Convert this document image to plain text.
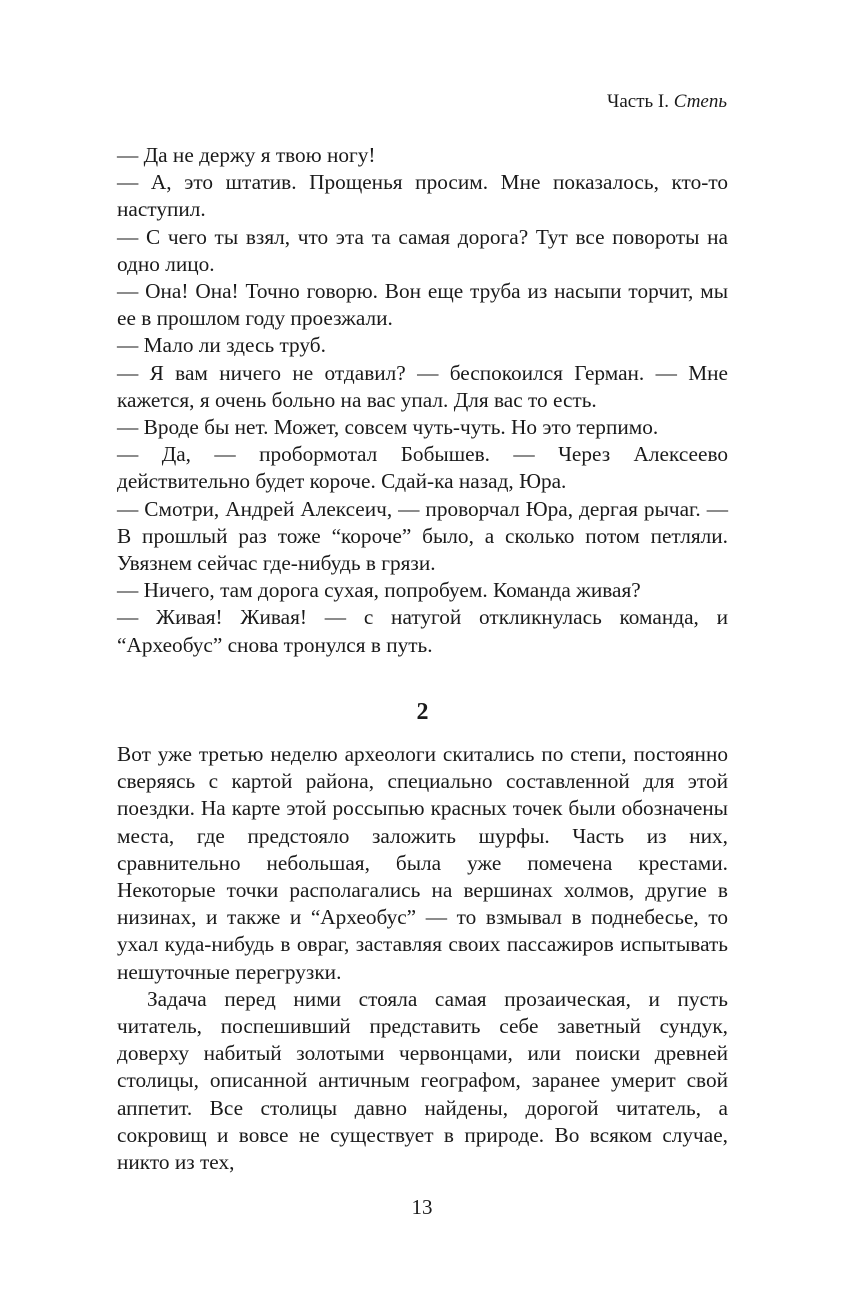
Часть I. Степь

— Да не держу я твою ногу!

— А, это штатив. Прощенья просим. Мне показалось, кто-то наступил.

— С чего ты взял, что эта та самая дорога? Тут все повороты на одно лицо.

— Она! Она! Точно говорю. Вон еще труба из насыпи торчит, мы ее в прошлом году проезжали.

— Мало ли здесь труб.

— Я вам ничего не отдавил? — беспокоился Герман. — Мне кажется, я очень больно на вас упал. Для вас то есть.

— Вроде бы нет. Может, совсем чуть-чуть. Но это терпимо.

— Да, — пробормотал Бобышев. — Через Алексеево действительно будет короче. Сдай-ка назад, Юра.

— Смотри, Андрей Алексеич, — проворчал Юра, дергая рычаг. — В прошлый раз тоже “короче” было, а сколько потом петляли. Увязнем сейчас где-нибудь в грязи.

— Ничего, там дорога сухая, попробуем. Команда живая?

— Живая! Живая! — с натугой откликнулась команда, и “Археобус” снова тронулся в путь.

2

Вот уже третью неделю археологи скитались по степи, постоянно сверяясь с картой района, специально составленной для этой поездки. На карте этой россыпью красных точек были обозначены места, где предстояло заложить шурфы. Часть из них, сравнительно небольшая, была уже помечена крестами. Некоторые точки располагались на вершинах холмов, другие в низинах, и также и “Археобус” — то взмывал в поднебесье, то ухал куда-нибудь в овраг, заставляя своих пассажиров испытывать нешуточные перегрузки.

Задача перед ними стояла самая прозаическая, и пусть читатель, поспешивший представить себе заветный сундук, доверху набитый золотыми червонцами, или поиски древней столицы, описанной античным географом, заранее умерит свой аппетит. Все столицы давно найдены, дорогой читатель, а сокровищ и вовсе не существует в природе. Во всяком случае, никто из тех,

13
